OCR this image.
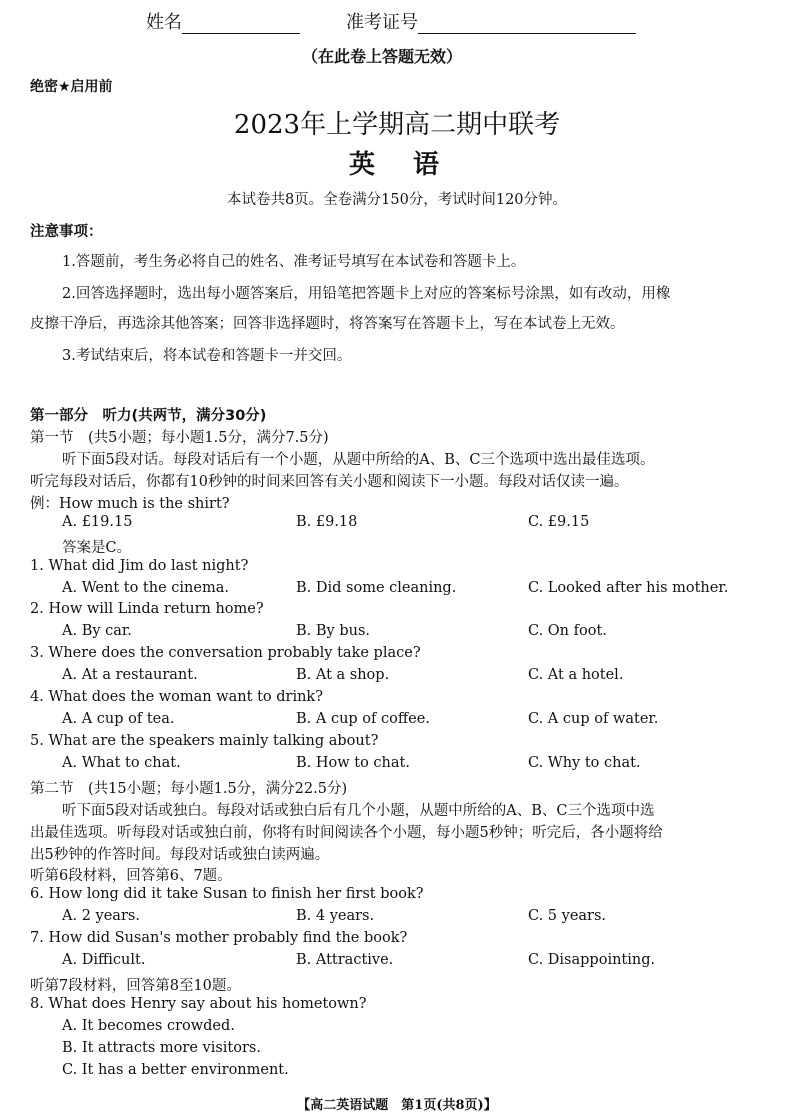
姓名	准考证号
（在此卷上答题无效）
绝密★启用前
2023年上学期高二期中联考
英　语
本试卷共8页。全卷满分150分，考试时间120分钟。
注意事项：
1.答题前，考生务必将自己的姓名、准考证号填写在本试卷和答题卡上。
2.回答选择题时，选出每小题答案后，用铅笔把答题卡上对应的答案标号涂黑，如有改动，用橡
皮擦干净后，再选涂其他答案；回答非选择题时，将答案写在答题卡上，写在本试卷上无效。
3.考试结束后，将本试卷和答题卡一并交回。
第一部分　听力(共两节，满分30分)
第一节　(共5小题；每小题1.5分，满分7.5分)
听下面5段对话。每段对话后有一个小题，从题中所给的A、B、C三个选项中选出最佳选项。
听完每段对话后，你都有10秒钟的时间来回答有关小题和阅读下一小题。每段对话仅读一遍。
例：How much is the shirt?
A. £19.15	B. £9.18	C. £9.15
答案是C。
1. What did Jim do last night?
A. Went to the cinema.	B. Did some cleaning.	C. Looked after his mother.
2. How will Linda return home?
A. By car.	B. By bus.	C. On foot.
3. Where does the conversation probably take place?
A. At a restaurant.	B. At a shop.	C. At a hotel.
4. What does the woman want to drink?
A. A cup of tea.	B. A cup of coffee.	C. A cup of water.
5. What are the speakers mainly talking about?
A. What to chat.	B. How to chat.	C. Why to chat.
第二节　(共15小题；每小题1.5分，满分22.5分)
听下面5段对话或独白。每段对话或独白后有几个小题，从题中所给的A、B、C三个选项中选
出最佳选项。听每段对话或独白前，你将有时间阅读各个小题，每小题5秒钟；听完后，各小题将给
出5秒钟的作答时间。每段对话或独白读两遍。
听第6段材料，回答第6、7题。
6. How long did it take Susan to finish her first book?
A. 2 years.	B. 4 years.	C. 5 years.
7. How did Susan's mother probably find the book?
A. Difficult.	B. Attractive.	C. Disappointing.
听第7段材料，回答第8至10题。
8. What does Henry say about his hometown?
A. It becomes crowded.
B. It attracts more visitors.
C. It has a better environment.
【高二英语试题　第1页(共8页)】
